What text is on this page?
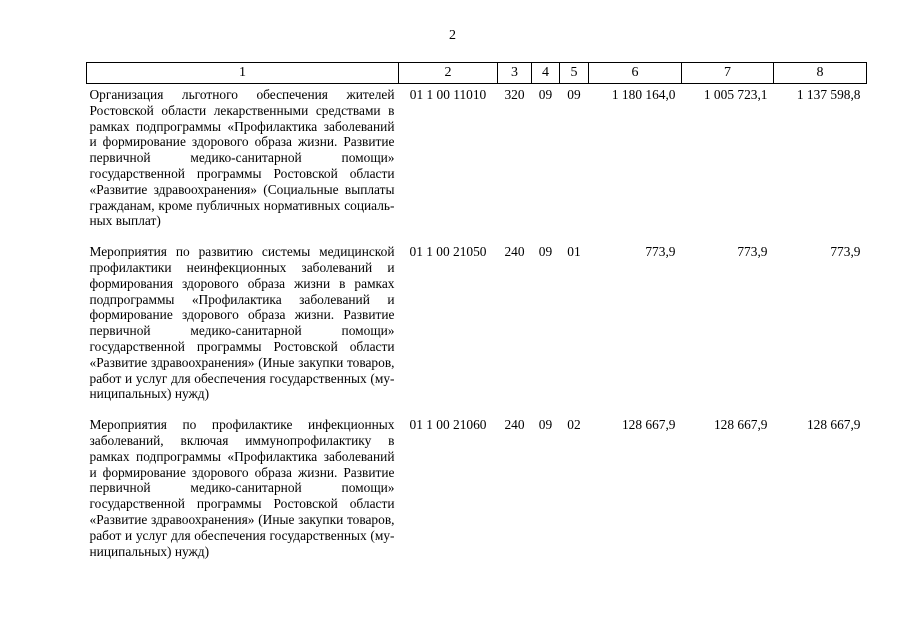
2
1	2	3	4	5	6	7	8
Организация льготного обеспечения жителей Ростовской области лекарственными средствами в рамках подпрограммы «Профилактика заболеваний и формирование здорового образа жизни. Развитие первичной медико-санитарной помощи» государственной программы Ростовской области «Развитие здравоохранения» (Социальные выплаты гражданам, кроме публичных нормативных социальных выплат)	01 1 00 11010	320	09	09	1 180 164,0	1 005 723,1	1 137 598,8
Мероприятия по развитию системы медицинской профилактики неинфекционных заболеваний и формирования здорового образа жизни в рамках подпрограммы «Профилактика заболеваний и формирование здорового образа жизни. Развитие первичной медико-санитарной помощи» государственной программы Ростовской области «Развитие здравоохранения» (Иные закупки товаров, работ и услуг для обеспечения государственных (муниципальных) нужд)	01 1 00 21050	240	09	01	773,9	773,9	773,9
Мероприятия по профилактике инфекционных заболеваний, включая иммунопрофилактику в рамках подпрограммы «Профилактика заболеваний и формирование здорового образа жизни. Развитие первичной медико-санитарной помощи» государственной программы Ростовской области «Развитие здравоохранения» (Иные закупки товаров, работ и услуг для обеспечения государственных (муниципальных) нужд)	01 1 00 21060	240	09	02	128 667,9	128 667,9	128 667,9
